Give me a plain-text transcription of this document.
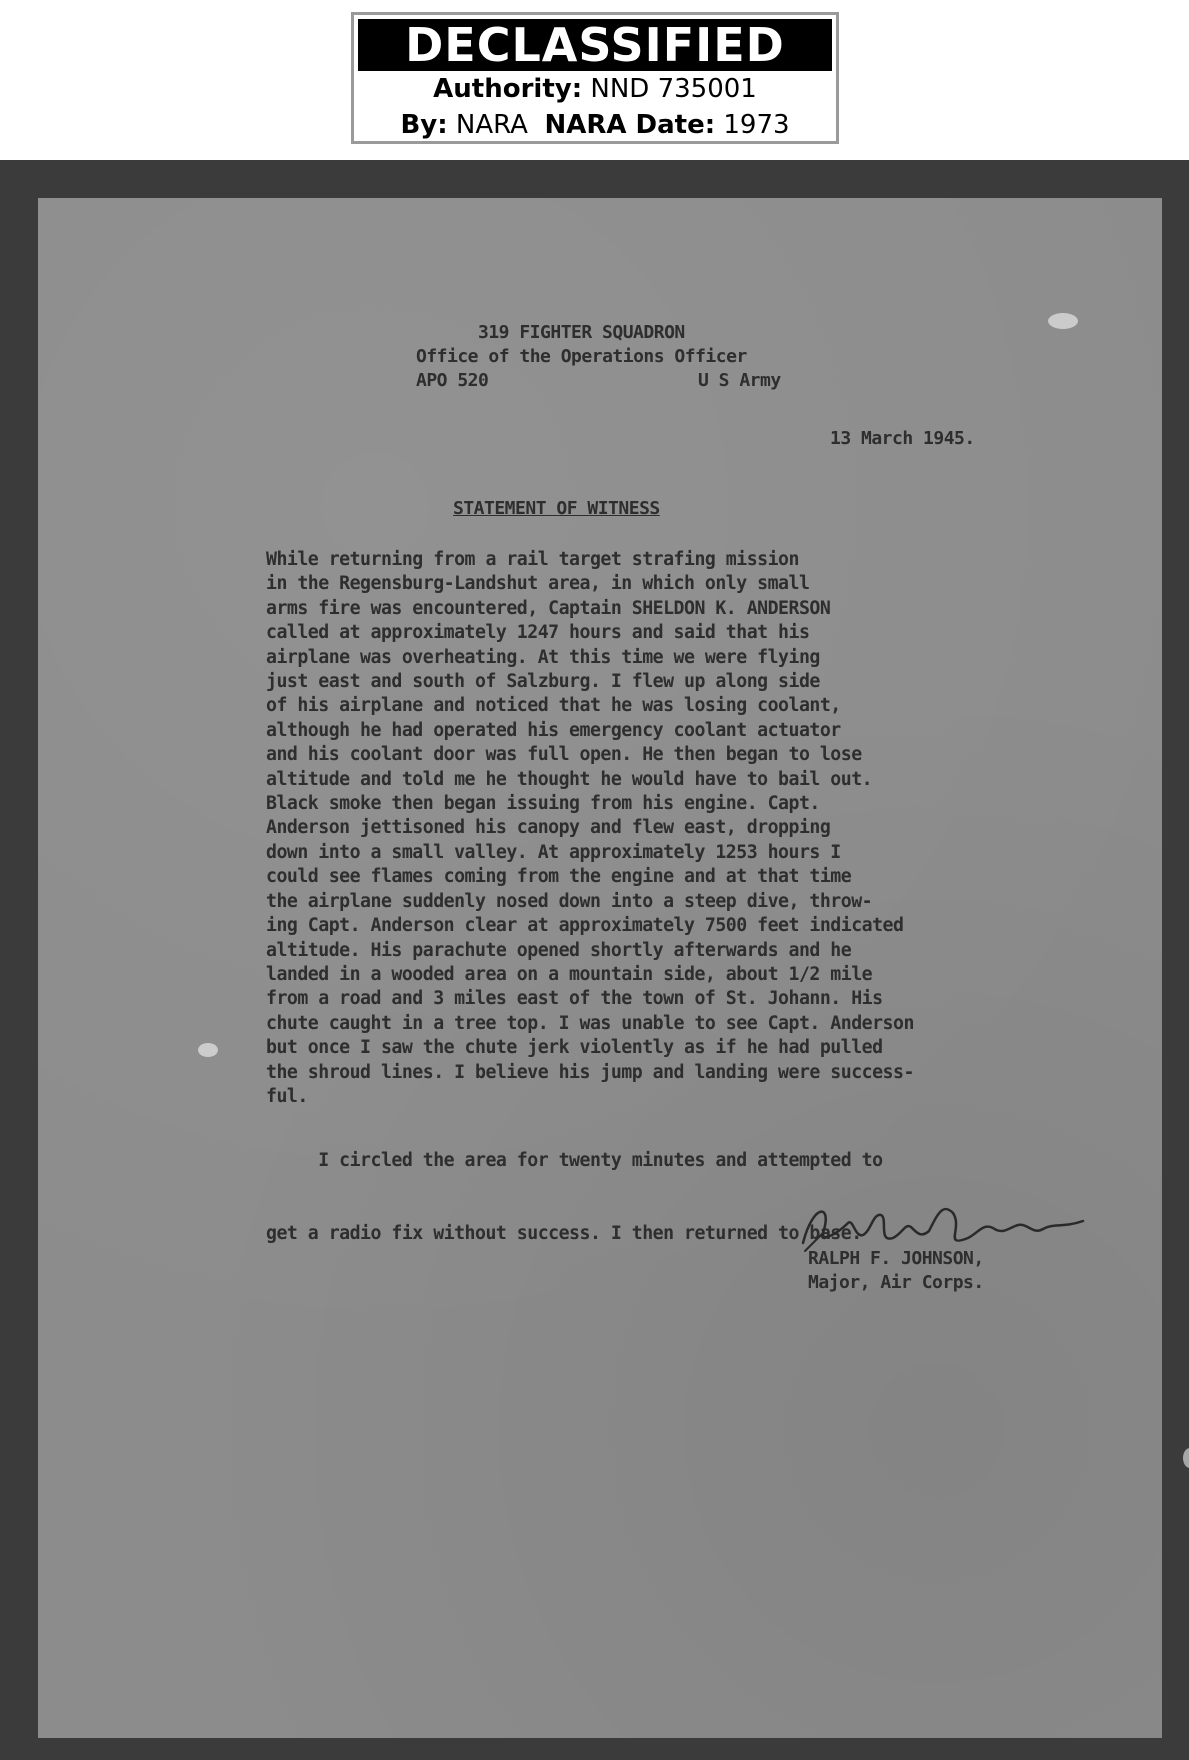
DECLASSIFIED
Authority: NND 735001
By: NARA NARA Date: 1973
319 FIGHTER SQUADRON
Office of the Operations Officer
APO 520	U S Army
13 March 1945.
STATEMENT OF WITNESS
While returning from a rail target strafing mission
in the Regensburg-Landshut area, in which only small
arms fire was encountered, Captain SHELDON K. ANDERSON
called at approximately 1247 hours and said that his
airplane was overheating. At this time we were flying
just east and south of Salzburg. I flew up along side
of his airplane and noticed that he was losing coolant,
although he had operated his emergency coolant actuator
and his coolant door was full open. He then began to lose
altitude and told me he thought he would have to bail out.
Black smoke then began issuing from his engine. Capt.
Anderson jettisoned his canopy and flew east, dropping
down into a small valley. At approximately 1253 hours I
could see flames coming from the engine and at that time
the airplane suddenly nosed down into a steep dive, throw-
ing Capt. Anderson clear at approximately 7500 feet indicated
altitude. His parachute opened shortly afterwards and he
landed in a wooded area on a mountain side, about 1/2 mile
from a road and 3 miles east of the town of St. Johann. His
chute caught in a tree top. I was unable to see Capt. Anderson
but once I saw the chute jerk violently as if he had pulled
the shroud lines. I believe his jump and landing were success-
ful.

I circled the area for twenty minutes and attempted to

get a radio fix without success. I then returned to base.

RALPH F. JOHNSON,
Major, Air Corps.
